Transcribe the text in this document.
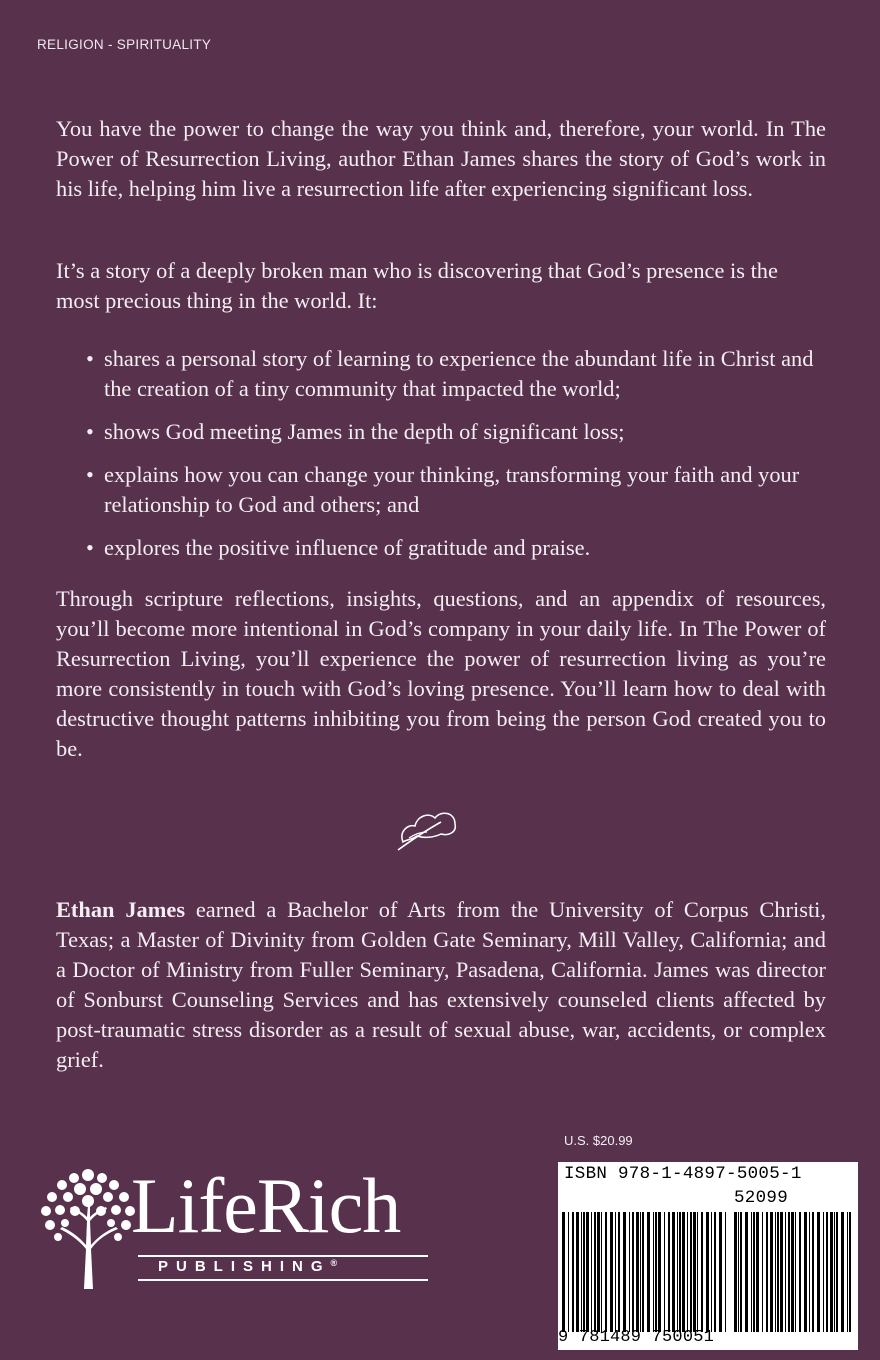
RELIGION - SPIRITUALITY

You have the power to change the way you think and, therefore, your world. In The Power of Resurrection Living, author Ethan James shares the story of God’s work in his life, helping him live a resurrection life after experiencing significant loss.

It’s a story of a deeply broken man who is discovering that God’s presence is the most precious thing in the world. It:

• shares a personal story of learning to experience the abundant life in Christ and the creation of a tiny community that impacted the world;
• shows God meeting James in the depth of significant loss;
• explains how you can change your thinking, transforming your faith and your relationship to God and others; and
• explores the positive influence of gratitude and praise.

Through scripture reflections, insights, questions, and an appendix of resources, you’ll become more intentional in God’s company in your daily life. In The Power of Resurrection Living, you’ll experience the power of resurrection living as you’re more consistently in touch with God’s loving presence. You’ll learn how to deal with destructive thought patterns inhibiting you from being the person God created you to be.

Ethan James earned a Bachelor of Arts from the University of Corpus Christi, Texas; a Master of Divinity from Golden Gate Seminary, Mill Valley, California; and a Doctor of Ministry from Fuller Seminary, Pasadena, California. James was director of Sonburst Counseling Services and has extensively counseled clients affected by post-traumatic stress disorder as a result of sexual abuse, war, accidents, or complex grief.

U.S. $20.99
ISBN 978-1-4897-5005-1
52099
9 781489 750051
LifeRich
PUBLISHING®
